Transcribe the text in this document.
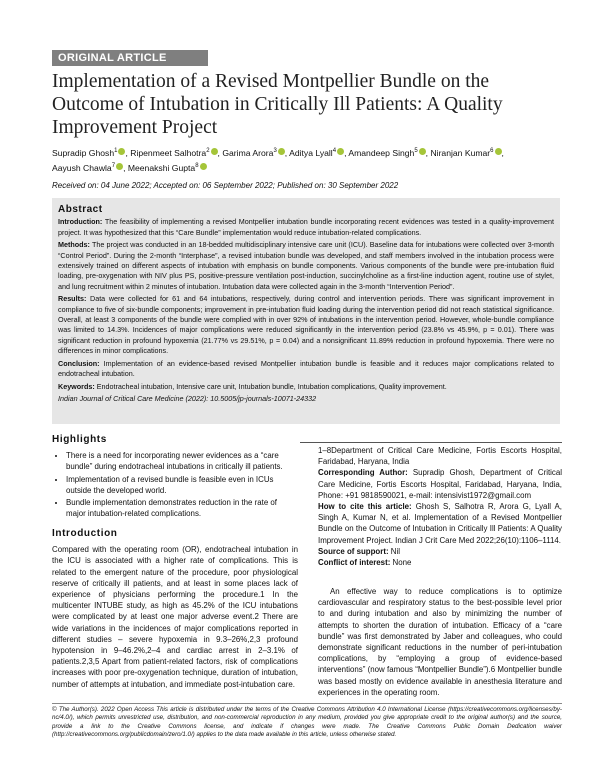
ORIGINAL ARTICLE
Implementation of a Revised Montpellier Bundle on the Outcome of Intubation in Critically Ill Patients: A Quality Improvement Project
Supradip Ghosh$^1$ , Ripenmeet Salhotra$^2$ , Garima Arora$^3$ , Aditya Lyall$^4$ , Amandeep Singh$^5$ , Niranjan Kumar$^6$ , Aayush Chawla$^7$ , Meenakshi Gupta$^8$
Received on: 04 June 2022; Accepted on: 06 September 2022; Published on: 30 September 2022
Abstract

Introduction: The feasibility of implementing a revised Montpellier intubation bundle incorporating recent evidences was tested in a quality-improvement project. It was hypothesized that this “Care Bundle” implementation would reduce intubation-related complications.

Methods: The project was conducted in an 18-bedded multidisciplinary intensive care unit (ICU). Baseline data for intubations were collected over 3-month “Control Period”. During the 2-month “Interphase”, a revised intubation bundle was developed, and staff members involved in the intubation process were extensively trained on different aspects of intubation with emphasis on bundle components. Various components of the bundle were pre-intubation fluid loading, pre-oxygenation with NIV plus PS, positive-pressure ventilation post-induction, succinylcholine as a first-line induction agent, routine use of stylet, and lung recruitment within 2 minutes of intubation. Intubation data were collected again in the 3-month “Intervention Period”.

Results: Data were collected for 61 and 64 intubations, respectively, during control and intervention periods. There was significant improvement in compliance to five of six-bundle components; improvement in pre-intubation fluid loading during the intervention period did not reach statistical significance. Overall, at least 3 components of the bundle were complied with in over 92% of intubations in the intervention period. However, whole-bundle compliance was limited to 14.3%. Incidences of major complications were reduced significantly in the intervention period (23.8% vs 45.9%, p = 0.01). There was significant reduction in profound hypoxemia (21.77% vs 29.51%, p = 0.04) and a nonsignificant 11.89% reduction in profound hypoxemia. There were no differences in minor complications.

Conclusion: Implementation of an evidence-based revised Montpellier intubation bundle is feasible and it reduces major complications related to endotracheal intubation.

Keywords: Endotracheal intubation, Intensive care unit, Intubation bundle, Intubation complications, Quality improvement.

Indian Journal of Critical Care Medicine (2022): 10.5005/jp-journals-10071-24332

Highlights
• There is a need for incorporating newer evidences as a “care bundle” during endotracheal intubations in critically ill patients.
• Implementation of a revised bundle is feasible even in ICUs outside the developed world.
• Bundle implementation demonstrates reduction in the rate of major intubation-related complications.
Introduction

Compared with the operating room (OR), endotracheal intubation in the ICU is associated with a higher rate of complications. This is related to the emergent nature of the procedure, poor physiological reserve of critically ill patients, and at least in some places lack of experience of physicians performing the procedure.1 In the multicenter INTUBE study, as high as 45.2% of the ICU intubations were complicated by at least one major adverse event.2 There are wide variations in the incidences of major complications reported in different studies – severe hypoxemia in 9.3–26%,2,3 profound hypotension in 9–46.2%,2–4 and cardiac arrest in 2–3.1% of patients.2,3,5 Apart from patient-related factors, risk of complications increases with poor pre-oxygenation technique, duration of intubation, number of attempts at intubation, and immediate post-intubation care.

1–8Department of Critical Care Medicine, Fortis Escorts Hospital, Faridabad, Haryana, India

Corresponding Author: Supradip Ghosh, Department of Critical Care Medicine, Fortis Escorts Hospital, Faridabad, Haryana, India, Phone: +91 9818590021, e-mail: intensivist1972@gmail.com

How to cite this article: Ghosh S, Salhotra R, Arora G, Lyall A, Singh A, Kumar N, et al. Implementation of a Revised Montpellier Bundle on the Outcome of Intubation in Critically Ill Patients: A Quality Improvement Project. Indian J Crit Care Med 2022;26(10):1106–1114.

Source of support: Nil

Conflict of interest: None

An effective way to reduce complications is to optimize cardiovascular and respiratory status to the best-possible level prior to and during intubation and also by minimizing the number of attempts to shorten the duration of intubation. Efficacy of a “care bundle” was first demonstrated by Jaber and colleagues, who could demonstrate significant reductions in the number of peri-intubation complications, by “employing a group of evidence-based interventions” (now famous “Montpellier Bundle”).6 Montpellier bundle was based mostly on evidence available in anesthesia literature and experiences in the operating room.

© The Author(s). 2022 Open Access This article is distributed under the terms of the Creative Commons Attribution 4.0 International License (https://creativecommons.org/licenses/by-nc/4.0/), which permits unrestricted use, distribution, and non-commercial reproduction in any medium, provided you give appropriate credit to the original author(s) and the source, provide a link to the Creative Commons license, and indicate if changes were made. The Creative Commons Public Domain Dedication waiver (http://creativecommons.org/publicdomain/zero/1.0/) applies to the data made available in this article, unless otherwise stated.
